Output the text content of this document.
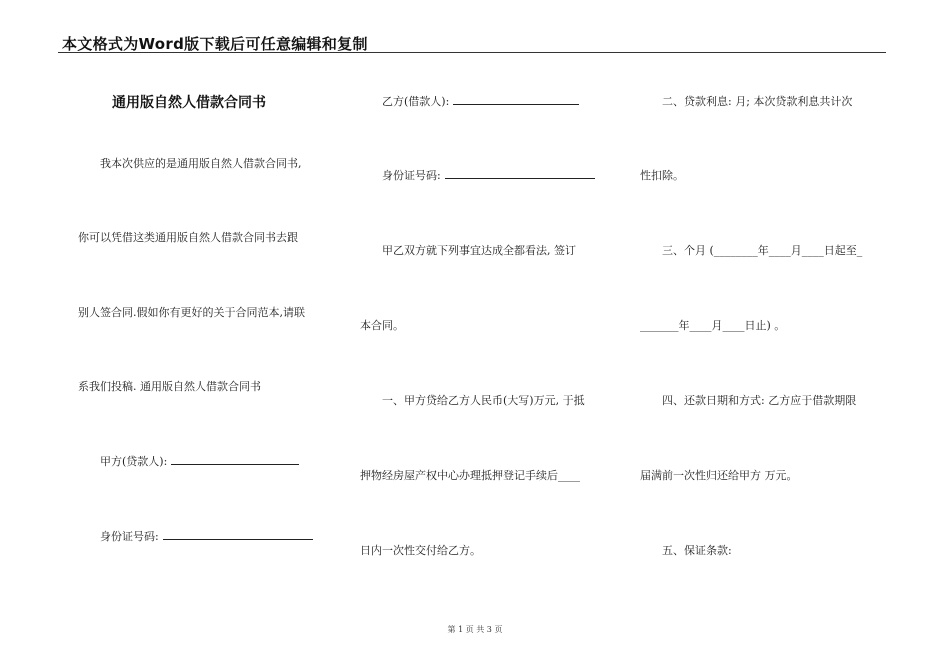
本文格式为Word版下载后可任意编辑和复制
通用版自然人借款合同书
我本次供应的是通用版自然人借款合同书,
你可以凭借这类通用版自然人借款合同书去跟
别人签合同.假如你有更好的关于合同范本,请联
系我们投稿. 通用版自然人借款合同书
甲方(贷款人):
身份证号码:
乙方(借款人):
身份证号码:
甲乙双方就下列事宜达成全都看法, 签订
本合同。
一、甲方贷给乙方人民币(大写)万元, 于抵
押物经房屋产权中心办理抵押登记手续后____
日内一次性交付给乙方。
二、贷款利息: 月; 本次贷款利息共计次
性扣除。
三、个月 (________年____月____日起至_
_______年____月____日止) 。
四、还款日期和方式: 乙方应于借款期限
届满前一次性归还给甲方 万元。
五、保证条款:
第 1 页 共 3 页
